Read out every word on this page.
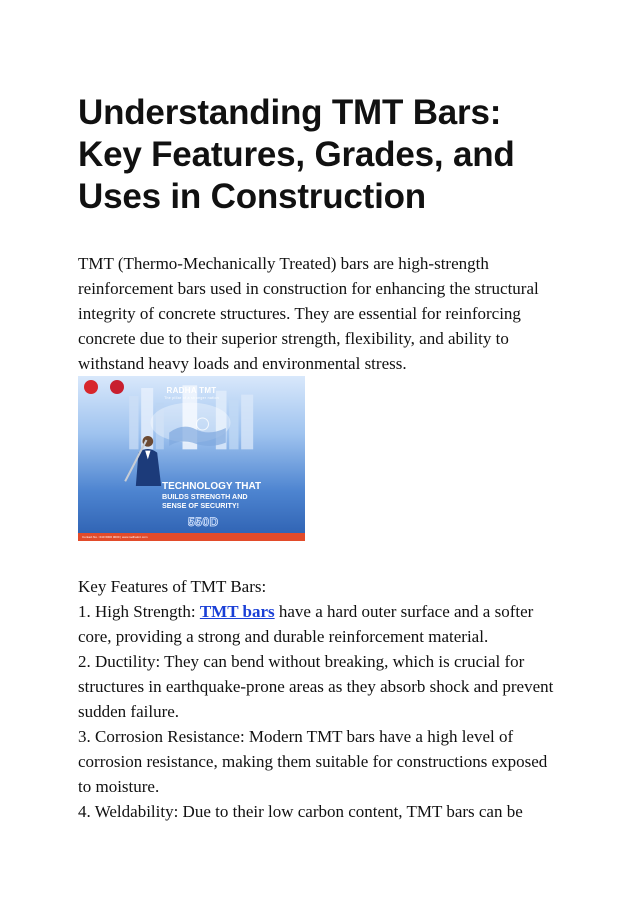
Understanding TMT Bars: Key Features, Grades, and Uses in Construction

TMT (Thermo-Mechanically Treated) bars are high-strength reinforcement bars used in construction for enhancing the structural integrity of concrete structures. They are essential for reinforcing concrete due to their superior strength, flexibility, and ability to withstand heavy loads and environmental stress.

RADHA TMT
The pillar of a stronger nation
TECHNOLOGY THAT
BUILDS STRENGTH AND
SENSE OF SECURITY!
550D
Contact No.: 040 6000 0000 | www.radhatmt.com

Key Features of TMT Bars:

1. High Strength: TMT bars have a hard outer surface and a softer core, providing a strong and durable reinforcement material.

2. Ductility: They can bend without breaking, which is crucial for structures in earthquake-prone areas as they absorb shock and prevent sudden failure.

3. Corrosion Resistance: Modern TMT bars have a high level of corrosion resistance, making them suitable for constructions exposed to moisture.

4. Weldability: Due to their low carbon content, TMT bars can be
